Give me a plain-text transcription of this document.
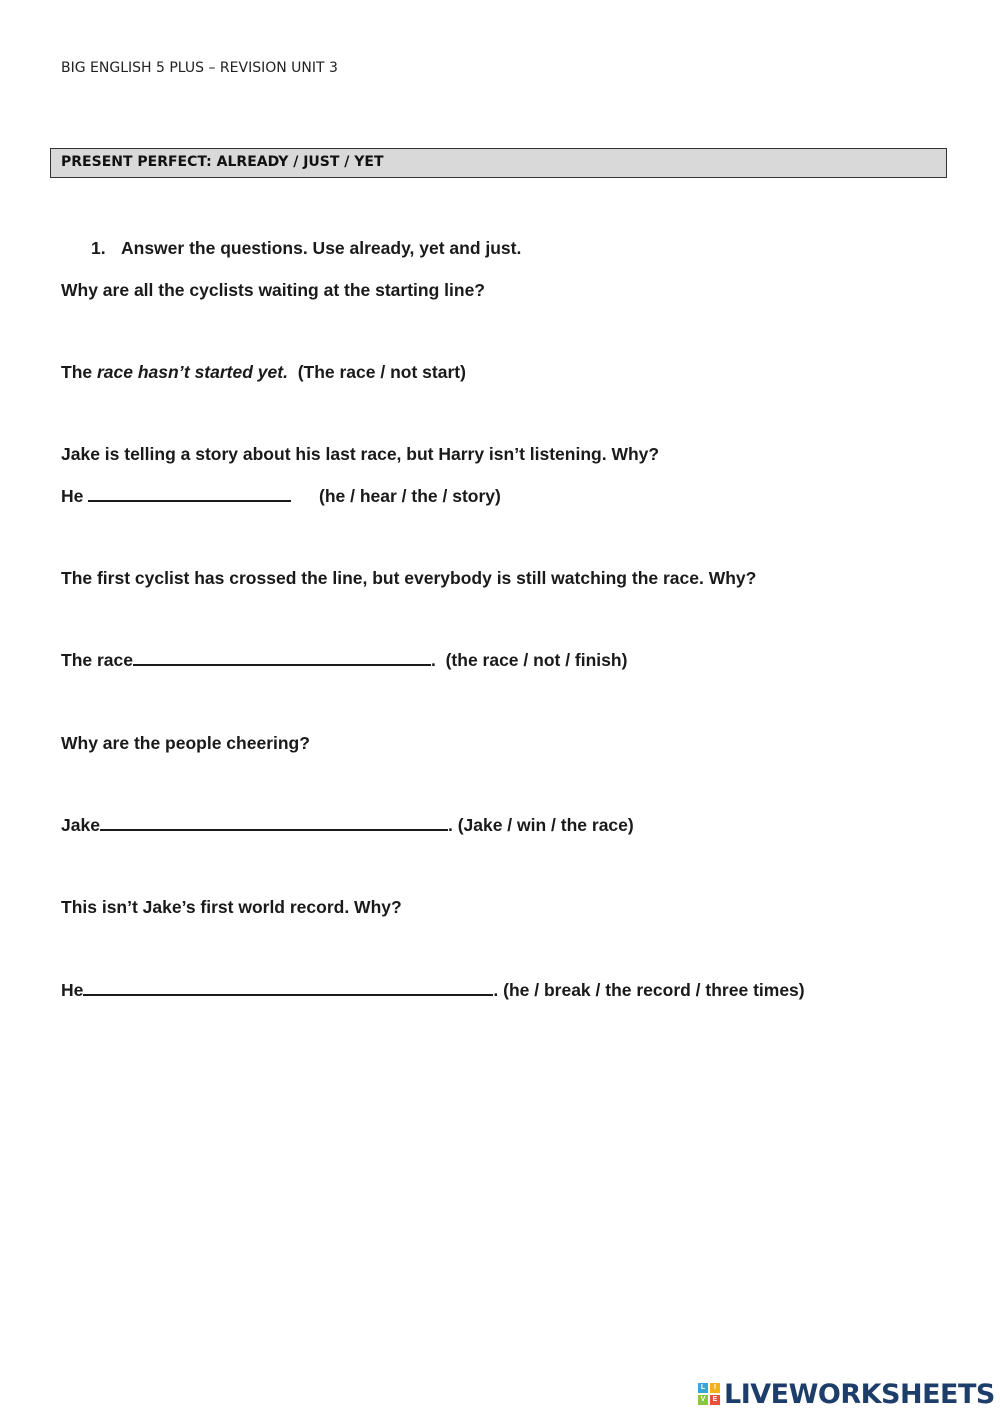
BIG ENGLISH 5 PLUS – REVISION UNIT 3
PRESENT PERFECT: ALREADY / JUST / YET
1. Answer the questions. Use already, yet and just.
Why are all the cyclists waiting at the starting line?
The race hasn’t started yet. (The race / not start)
Jake is telling a story about his last race, but Harry isn’t listening. Why?
He	(he / hear / the / story)
The first cyclist has crossed the line, but everybody is still watching the race. Why?
The race	. (the race / not / finish)
Why are the people cheering?
Jake	. (Jake / win / the race)
This isn’t Jake’s first world record. Why?
He	. (he / break / the record / three times)
L	I
V	E LIVEWORKSHEETS
